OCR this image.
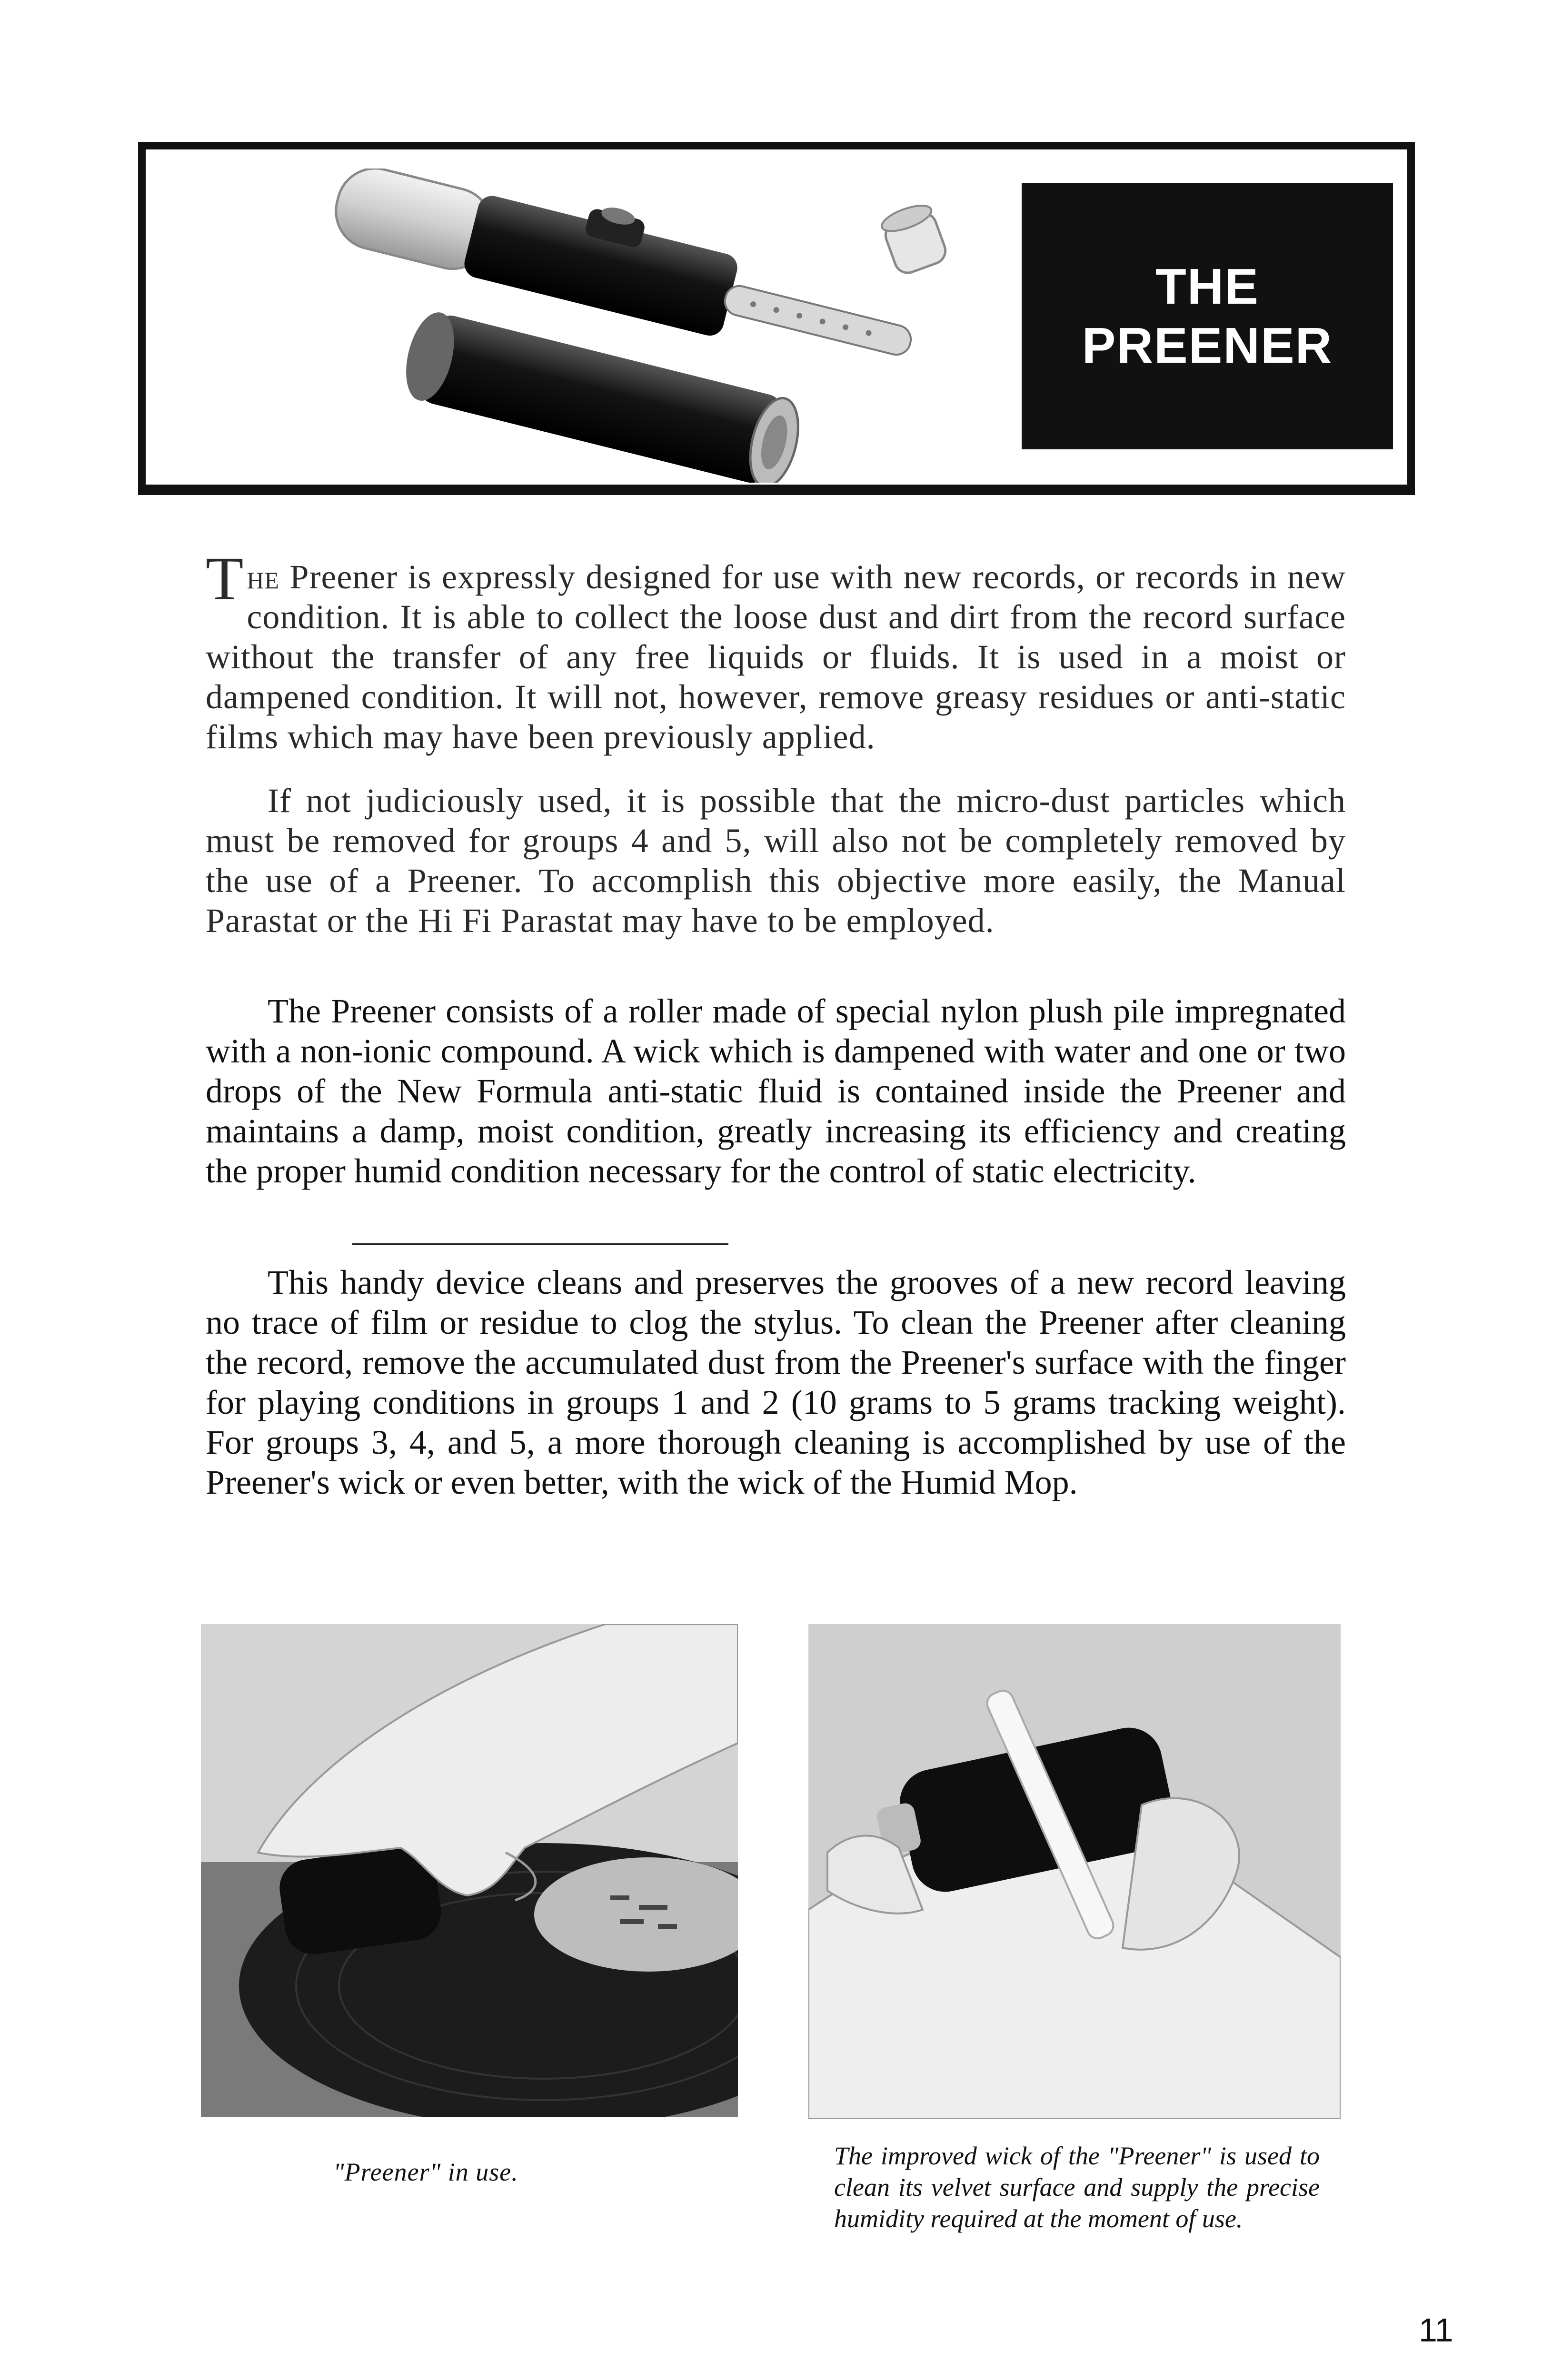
THE
PREENER

The Preener is expressly designed for use with new records, or records in new condition. It is able to collect the loose dust and dirt from the record surface without the transfer of any free liquids or fluids. It is used in a moist or dampened condition. It will not, however, remove greasy residues or anti-static films which may have been previously applied.

If not judiciously used, it is possible that the micro-dust particles which must be removed for groups 4 and 5, will also not be completely removed by the use of a Preener. To accomplish this objective more easily, the Manual Parastat or the Hi Fi Parastat may have to be employed.

The Preener consists of a roller made of special nylon plush pile impregnated with a non-ionic compound. A wick which is dampened with water and one or two drops of the New Formula anti-static fluid is contained inside the Preener and maintains a damp, moist condition, greatly increasing its efficiency and creating the proper humid condition necessary for the control of static electricity.

This handy device cleans and preserves the grooves of a new record leaving no trace of film or residue to clog the stylus. To clean the Preener after cleaning the record, remove the accumulated dust from the Preener's surface with the finger for playing conditions in groups 1 and 2 (10 grams to 5 grams tracking weight). For groups 3, 4, and 5, a more thorough cleaning is accomplished by use of the Preener's wick or even better, with the wick of the Humid Mop.

"Preener" in use.

The improved wick of the "Preener" is used to clean its velvet surface and supply the precise humidity required at the moment of use.

11
